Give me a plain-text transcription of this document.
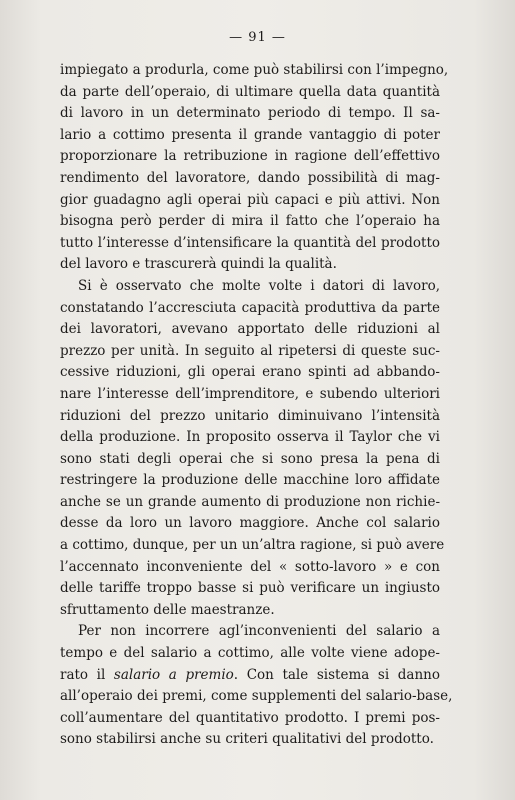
— 91 —
impiegato a produrla, come può stabilirsi con l’impegno,
da parte dell’operaio, di ultimare quella data quantità
di lavoro in un determinato periodo di tempo. Il sa-
lario a cottimo presenta il grande vantaggio di poter
proporzionare la retribuzione in ragione dell’effettivo
rendimento del lavoratore, dando possibilità di mag-
gior guadagno agli operai più capaci e più attivi. Non
bisogna però perder di mira il fatto che l’operaio ha
tutto l’interesse d’intensificare la quantità del prodotto
del lavoro e trascurerà quindi la qualità.
Si è osservato che molte volte i datori di lavoro,
constatando l’accresciuta capacità produttiva da parte
dei lavoratori, avevano apportato delle riduzioni al
prezzo per unità. In seguito al ripetersi di queste suc-
cessive riduzioni, gli operai erano spinti ad abbando-
nare l’interesse dell’imprenditore, e subendo ulteriori
riduzioni del prezzo unitario diminuivano l’intensità
della produzione. In proposito osserva il Taylor che vi
sono stati degli operai che si sono presa la pena di
restringere la produzione delle macchine loro affidate
anche se un grande aumento di produzione non richie-
desse da loro un lavoro maggiore. Anche col salario
a cottimo, dunque, per un un’altra ragione, si può avere
l’accennato inconveniente del « sotto-lavoro » e con
delle tariffe troppo basse si può verificare un ingiusto
sfruttamento delle maestranze.
Per non incorrere agl’inconvenienti del salario a
tempo e del salario a cottimo, alle volte viene adope-
rato il salario a premio. Con tale sistema si danno
all’operaio dei premi, come supplementi del salario-base,
coll’aumentare del quantitativo prodotto. I premi pos-
sono stabilirsi anche su criteri qualitativi del prodotto.
